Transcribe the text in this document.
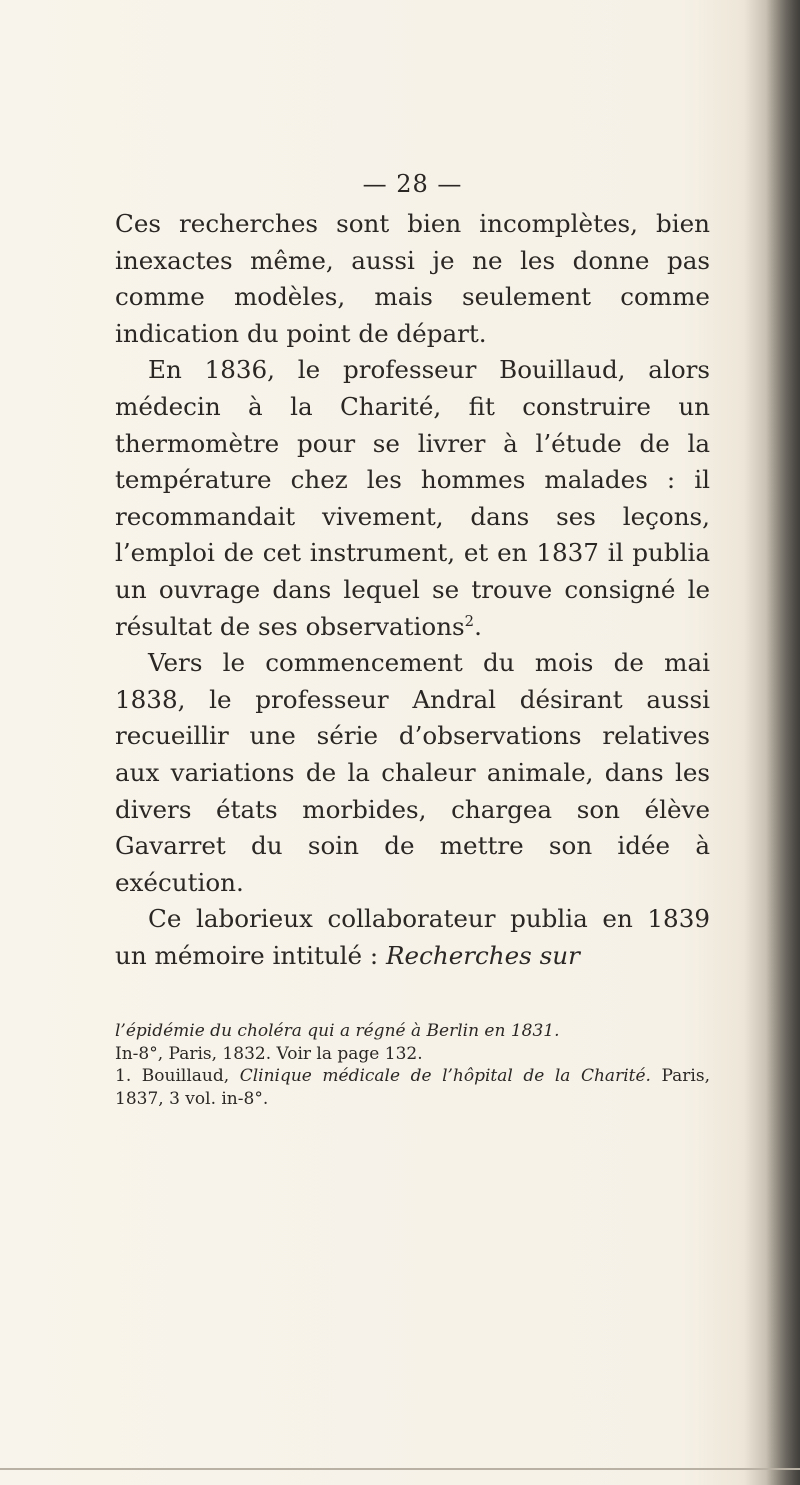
— 28 —

Ces recherches sont bien incomplètes, bien inexactes même, aussi je ne les donne pas comme modèles, mais seulement comme indication du point de départ.

En 1836, le professeur Bouillaud, alors médecin à la Charité, fit construire un thermomètre pour se livrer à l’étude de la température chez les hommes malades : il recommandait vivement, dans ses leçons, l’emploi de cet instrument, et en 1837 il publia un ouvrage dans lequel se trouve consigné le résultat de ses observations$^2$.

Vers le commencement du mois de mai 1838, le professeur Andral désirant aussi recueillir une série d’observations relatives aux variations de la chaleur animale, dans les divers états morbides, chargea son élève Gavarret du soin de mettre son idée à exécution.

Ce laborieux collaborateur publia en 1839 un mémoire intitulé : Recherches sur

l’épidémie du choléra qui a régné à Berlin en 1831.
In-8°, Paris, 1832. Voir la page 132.

1. Bouillaud, Clinique médicale de l’hôpital de la Charité. Paris, 1837, 3 vol. in-8°.
